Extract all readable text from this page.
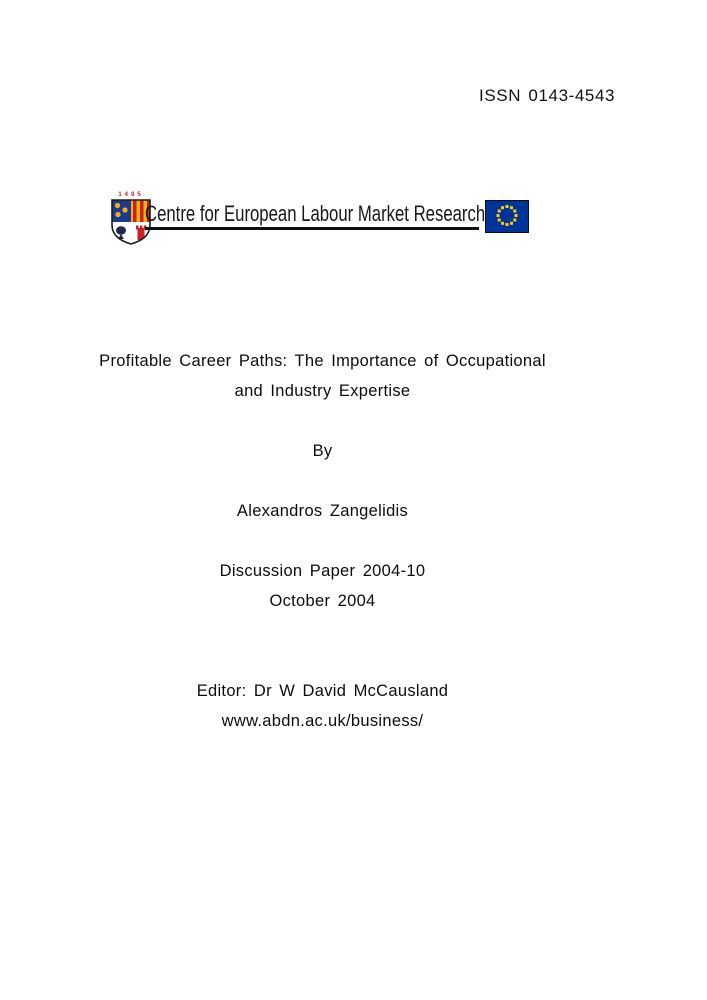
ISSN 0143-4543
1495
Centre for European Labour Market Research
Profitable Career Paths: The Importance of Occupational
and Industry Expertise
By
Alexandros Zangelidis
Discussion Paper 2004-10
October 2004
Editor: Dr W David McCausland
www.abdn.ac.uk/business/
